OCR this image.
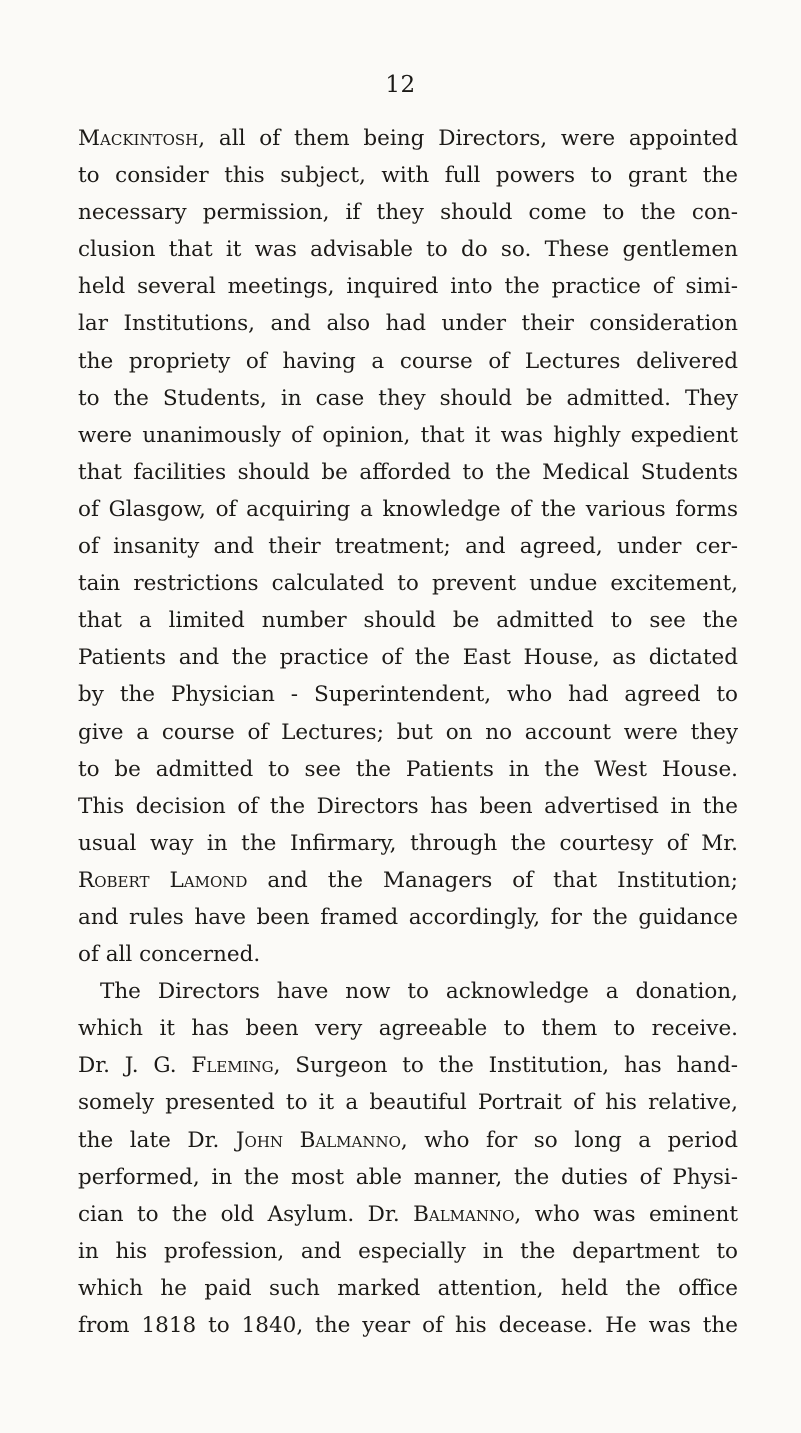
12
Mackintosh, all of them being Directors, were appointed
to consider this subject, with full powers to grant the
necessary permission, if they should come to the con-
clusion that it was advisable to do so. These gentlemen
held several meetings, inquired into the practice of simi-
lar Institutions, and also had under their consideration
the propriety of having a course of Lectures delivered
to the Students, in case they should be admitted. They
were unanimously of opinion, that it was highly expedient
that facilities should be afforded to the Medical Students
of Glasgow, of acquiring a knowledge of the various forms
of insanity and their treatment; and agreed, under cer-
tain restrictions calculated to prevent undue excitement,
that a limited number should be admitted to see the
Patients and the practice of the East House, as dictated
by the Physician - Superintendent, who had agreed to
give a course of Lectures; but on no account were they
to be admitted to see the Patients in the West House.
This decision of the Directors has been advertised in the
usual way in the Infirmary, through the courtesy of Mr.
Robert Lamond and the Managers of that Institution;
and rules have been framed accordingly, for the guidance
of all concerned.
The Directors have now to acknowledge a donation,
which it has been very agreeable to them to receive.
Dr. J. G. Fleming, Surgeon to the Institution, has hand-
somely presented to it a beautiful Portrait of his relative,
the late Dr. John Balmanno, who for so long a period
performed, in the most able manner, the duties of Physi-
cian to the old Asylum. Dr. Balmanno, who was eminent
in his profession, and especially in the department to
which he paid such marked attention, held the office
from 1818 to 1840, the year of his decease. He was the
